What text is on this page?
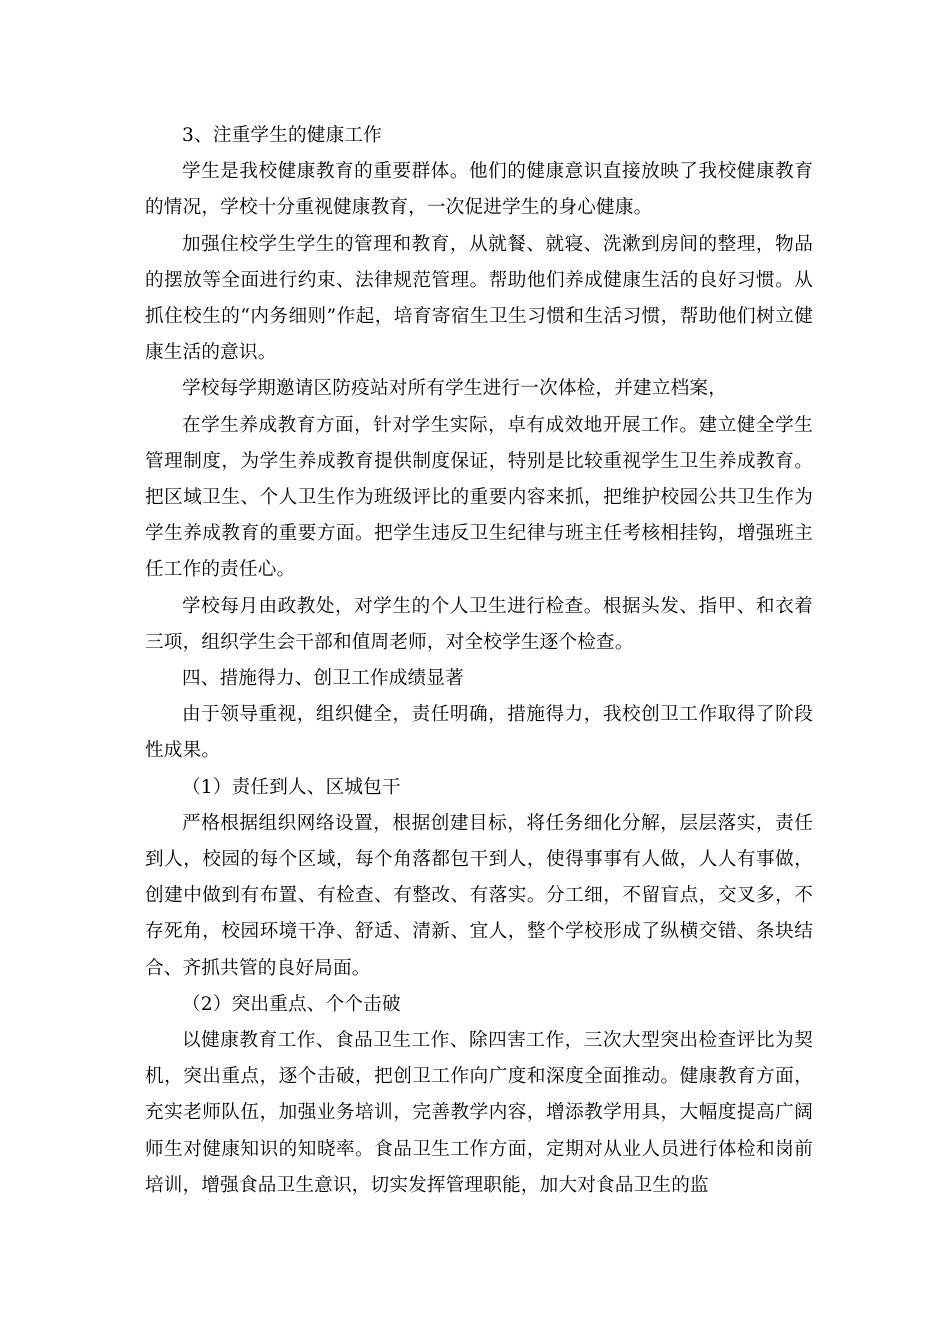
3、注重学生的健康工作

学生是我校健康教育的重要群体。他们的健康意识直接放映了我校健康教育的情况，学校十分重视健康教育，一次促进学生的身心健康。

加强住校学生学生的管理和教育，从就餐、就寝、洗漱到房间的整理，物品的摆放等全面进行约束、法律规范管理。帮助他们养成健康生活的良好习惯。从抓住校生的“内务细则”作起，培育寄宿生卫生习惯和生活习惯，帮助他们树立健康生活的意识。

学校每学期邀请区防疫站对所有学生进行一次体检，并建立档案，

在学生养成教育方面，针对学生实际，卓有成效地开展工作。建立健全学生管理制度，为学生养成教育提供制度保证，特别是比较重视学生卫生养成教育。把区域卫生、个人卫生作为班级评比的重要内容来抓，把维护校园公共卫生作为学生养成教育的重要方面。把学生违反卫生纪律与班主任考核相挂钩，增强班主任工作的责任心。

学校每月由政教处，对学生的个人卫生进行检查。根据头发、指甲、和衣着三项，组织学生会干部和值周老师，对全校学生逐个检查。

四、措施得力、创卫工作成绩显著

由于领导重视，组织健全，责任明确，措施得力，我校创卫工作取得了阶段性成果。

（1）责任到人、区城包干

严格根据组织网络设置，根据创建目标，将任务细化分解，层层落实，责任到人，校园的每个区域，每个角落都包干到人，使得事事有人做，人人有事做，创建中做到有布置、有检查、有整改、有落实。分工细，不留盲点，交叉多，不存死角，校园环境干净、舒适、清新、宜人，整个学校形成了纵横交错、条块结合、齐抓共管的良好局面。

（2）突出重点、个个击破

以健康教育工作、食品卫生工作、除四害工作，三次大型突出检查评比为契机，突出重点，逐个击破，把创卫工作向广度和深度全面推动。健康教育方面，充实老师队伍，加强业务培训，完善教学内容，增添教学用具，大幅度提高广阔师生对健康知识的知晓率。食品卫生工作方面，定期对从业人员进行体检和岗前培训，增强食品卫生意识，切实发挥管理职能，加大对食品卫生的监
